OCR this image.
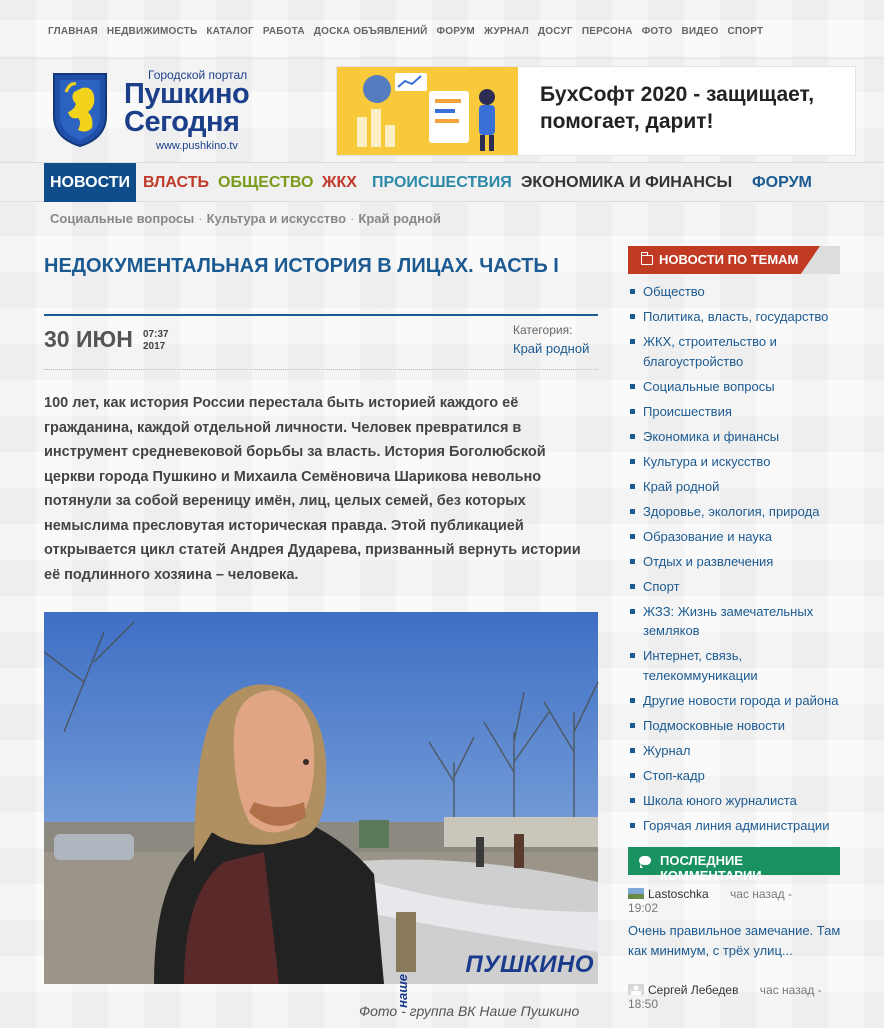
ГЛАВНАЯ НЕДВИЖИМОСТЬ КАТАЛОГ РАБОТА ДОСКА ОБЪЯВЛЕНИЙ ФОРУМ ЖУРНАЛ ДОСУГ ПЕРСОНА ФОТО ВИДЕО СПОРТ
Городской портал
Пушкино
Сегодня
www.pushkino.tv
БухСофт 2020 - защищает,
помогает, дарит!
НОВОСТИ ВЛАСТЬ ОБЩЕСТВО ЖКХ ПРОИСШЕСТВИЯ ЭКОНОМИКА И ФИНАНСЫ ФОРУМ
Социальные вопросы · Культура и искусство · Край родной
НЕДОКУМЕНТАЛЬНАЯ ИСТОРИЯ В ЛИЦАХ. ЧАСТЬ I
30 ИЮН 07:37
2017
Категория:
Край родной

100 лет, как история России перестала быть историей каждого её гражданина, каждой отдельной личности. Человек превратился в инструмент средневековой борьбы за власть. История Боголюбской церкви города Пушкино и Михаила Семёновича Шарикова невольно потянули за собой вереницу имён, лиц, целых семей, без которых немыслима пресловутая историческая правда. Этой публикацией открывается цикл статей Андрея Дударева, призванный вернуть истории её подлинного хозяина – человека.

наше
ПУШКИНО
Фото - группа ВК Наше Пушкино
НОВОСТИ ПО ТЕМАМ
Общество
Политика, власть, государство
ЖКХ, строительство и благоустройство
Социальные вопросы
Происшествия
Экономика и финансы
Культура и искусство
Край родной
Здоровье, экология, природа
Образование и наука
Отдых и развлечения
Спорт
ЖЗЗ: Жизнь замечательных земляков
Интернет, связь, телекоммуникации
Другие новости города и района
Подмосковные новости
Журнал
Стоп-кадр
Школа юного журналиста
Горячая линия администрации
ПОСЛЕДНИЕ КОММЕНТАРИИ
Lastoschka час назад -
19:02
Очень правильное замечание. Там как минимум, с трёх улиц...
Сергей Лебедев час назад -
18:50
